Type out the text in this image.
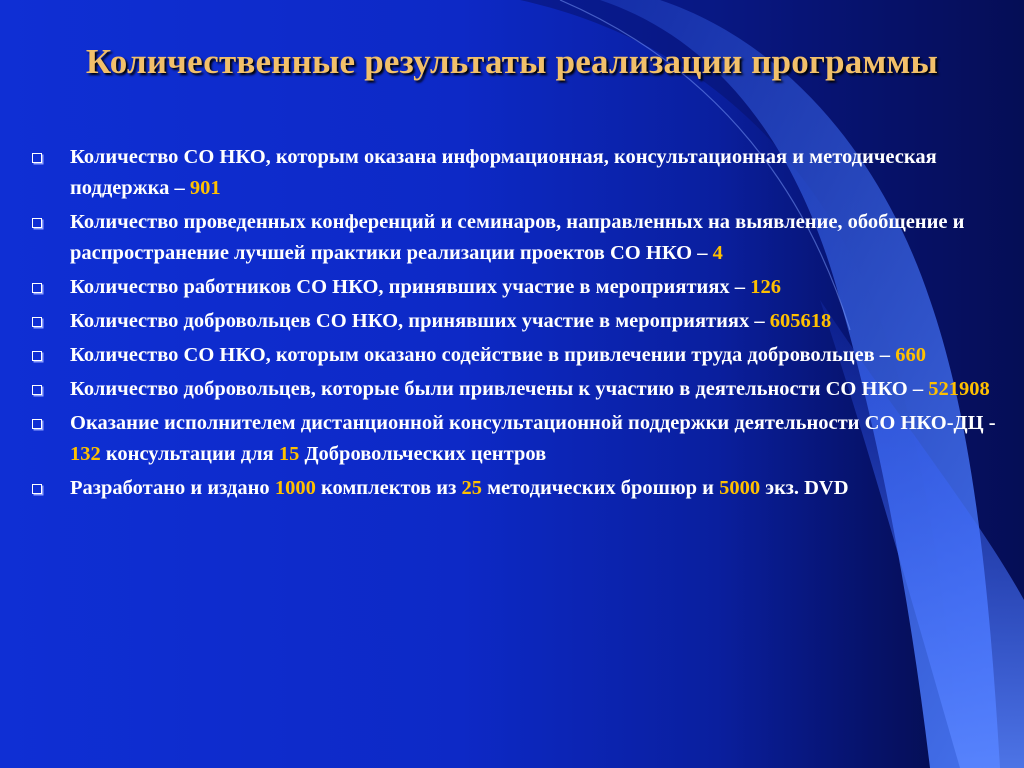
Количественные результаты реализации программы
Количество СО НКО, которым оказана информационная, консультационная и методическая поддержка – 901
Количество проведенных конференций и семинаров, направленных на выявление, обобщение и распространение лучшей практики реализации проектов СО НКО – 4
Количество работников СО НКО, принявших участие в мероприятиях – 126
Количество добровольцев СО НКО, принявших участие в мероприятиях – 605618
Количество СО НКО, которым оказано содействие в привлечении труда добровольцев – 660
Количество добровольцев, которые были привлечены к участию в деятельности СО НКО – 521908
Оказание исполнителем дистанционной консультационной поддержки деятельности СО НКО-ДЦ - 132 консультации для 15 Добровольческих центров
Разработано и издано 1000 комплектов из 25 методических брошюр и 5000 экз. DVD
